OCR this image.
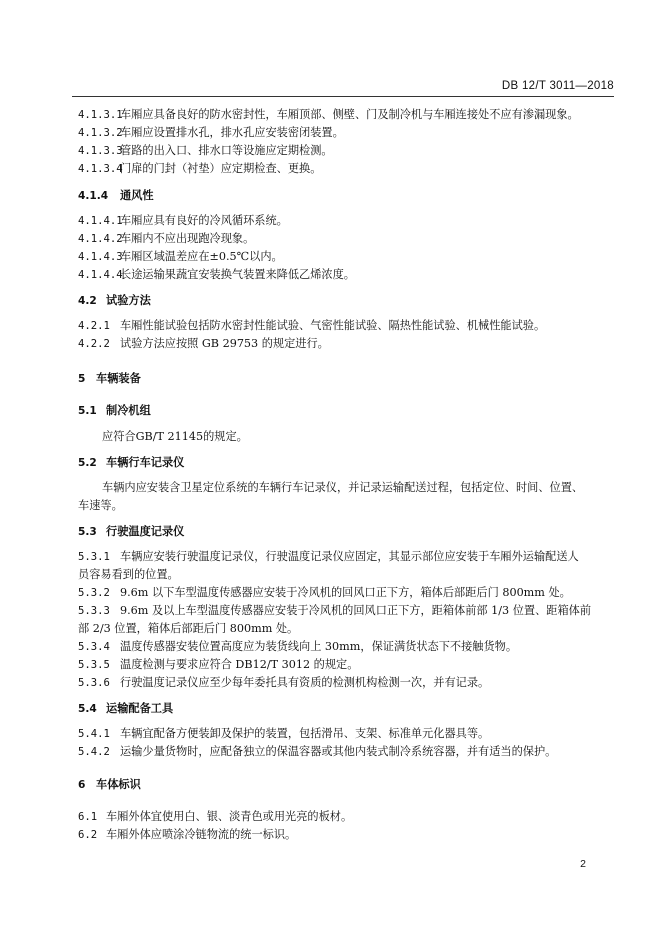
DB 12/T 3011—2018
4.1.3.1车厢应具备良好的防水密封性，车厢顶部、侧壁、门及制冷机与车厢连接处不应有渗漏现象。
4.1.3.2车厢应设置排水孔，排水孔应安装密闭装置。
4.1.3.3管路的出入口、排水口等设施应定期检测。
4.1.3.4门扉的门封（衬垫）应定期检查、更换。
4.1.4 通风性
4.1.4.1车厢应具有良好的冷风循环系统。
4.1.4.2车厢内不应出现跑冷现象。
4.1.4.3车厢区域温差应在±0.5℃以内。
4.1.4.4长途运输果蔬宜安装换气装置来降低乙烯浓度。
4.2 试验方法
4.2.1 车厢性能试验包括防水密封性能试验、气密性能试验、隔热性能试验、机械性能试验。
4.2.2 试验方法应按照 GB 29753 的规定进行。
5 车辆装备
5.1 制冷机组
应符合GB/T 21145的规定。
5.2 车辆行车记录仪
车辆内应安装含卫星定位系统的车辆行车记录仪，并记录运输配送过程，包括定位、时间、位置、
车速等。
5.3 行驶温度记录仪
5.3.1 车辆应安装行驶温度记录仪，行驶温度记录仪应固定，其显示部位应安装于车厢外运输配送人
员容易看到的位置。
5.3.2 9.6m 以下车型温度传感器应安装于冷风机的回风口正下方，箱体后部距后门 800mm 处。
5.3.3 9.6m 及以上车型温度传感器应安装于冷风机的回风口正下方，距箱体前部 1/3 位置、距箱体前
部 2/3 位置，箱体后部距后门 800mm 处。
5.3.4 温度传感器安装位置高度应为装货线向上 30mm，保证满货状态下不接触货物。
5.3.5 温度检测与要求应符合 DB12/T 3012 的规定。
5.3.6 行驶温度记录仪应至少每年委托具有资质的检测机构检测一次，并有记录。
5.4 运输配备工具
5.4.1 车辆宜配备方便装卸及保护的装置，包括滑吊、支架、标准单元化器具等。
5.4.2 运输少量货物时，应配备独立的保温容器或其他内装式制冷系统容器，并有适当的保护。
6 车体标识
6.1 车厢外体宜使用白、银、淡青色或用光亮的板材。
6.2 车厢外体应喷涂冷链物流的统一标识。
2
